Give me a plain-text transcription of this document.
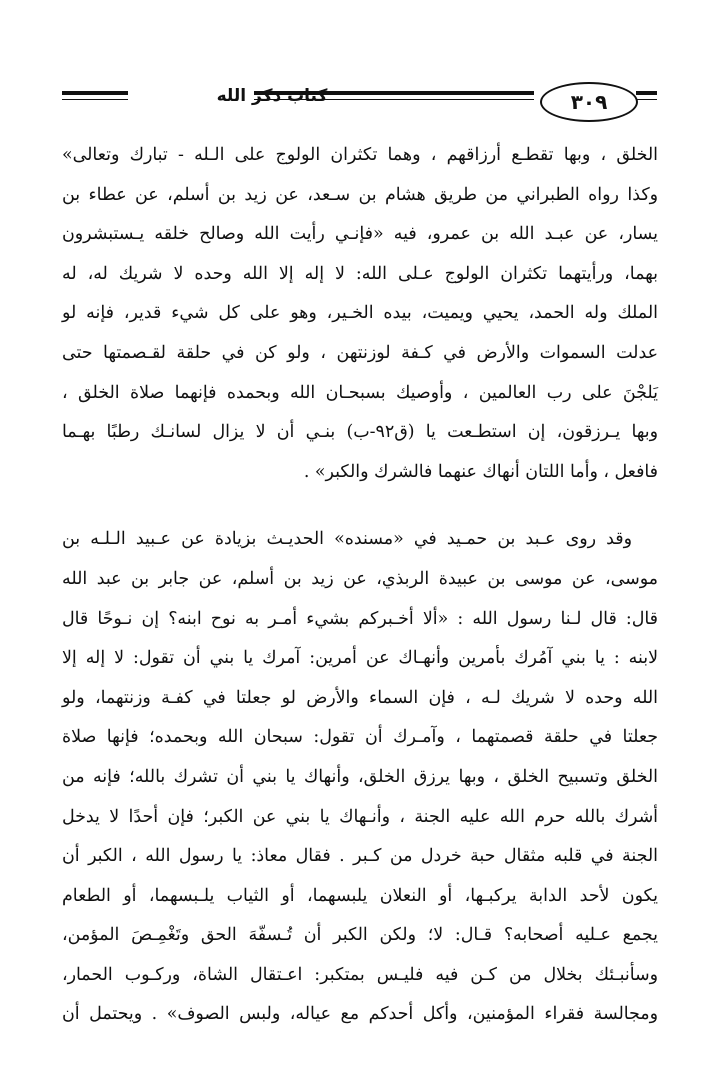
كتاب ذكر الله	٣٠٩
الخلق ، وبها تقطـع أرزاقهم ، وهما تكثران الولوج على الـله - تبارك وتعالى»
وكذا رواه الطبراني من طريق هشام بن سـعد، عن زيد بن أسلم، عن عطاء بن
يسار، عن عبـد الله بن عمرو، فيه «فإنـي رأيت الله وصالح خلقه يـستبشرون
بهما، ورأيتهما تكثران الولوج عـلى الله: لا إله إلا الله وحده لا شريك له، له
الملك وله الحمد، يحيي ويميت، بيده الخـير، وهو على كل شيء قدير، فإنه لو
عدلت السموات والأرض في كـفة لوزنتهن ، ولو كن في حلقة لقـصمتها حتى
يَلجْنَ على رب العالمين ، وأوصيك بسبحـان الله وبحمده فإنهما صلاة الخلق ،
وبها يـرزقون، إن استطـعت يا (ق٩٢-ب) بنـي أن لا يزال لسانـك رطبًا بهـما
فافعل ، وأما اللتان أنهاك عنهما فالشرك والكبر» .
وقد روى عـبد بن حمـيد في «مسنده» الحديـث بزيادة عن عـبيد الـلـه بن
موسى، عن موسى بن عبيدة الربذي، عن زيد بن أسلم، عن جابر بن عبد الله
قال: قال لـنا رسول الله : «ألا أخـبركم بشيء أمـر به نوح ابنه؟ إن نـوحًا قال
لابنه : يا بني آمُرك بأمرين وأنهـاك عن أمرين: آمرك يا بني أن تقول: لا إله إلا
الله وحده لا شريك لـه ، فإن السماء والأرض لو جعلتا في كفـة وزنتهما، ولو
جعلتا في حلقة قصمتهما ، وآمـرك أن تقول: سبحان الله وبحمده؛ فإنها صلاة
الخلق وتسبيح الخلق ، وبها يرزق الخلق، وأنهاك يا بني أن تشرك بالله؛ فإنه من
أشرك بالله حرم الله عليه الجنة ، وأنـهاك يا بني عن الكبر؛ فإن أحدًا لا يدخل
الجنة في قلبه مثقال حبة خردل من كـبر . فقال معاذ: يا رسول الله ، الكبر أن
يكون لأحد الدابة يركبـها، أو النعلان يلبسهما، أو الثياب يلـبسهما، أو الطعام
يجمع عـليه أصحابه؟ قـال: لا؛ ولكن الكبر أن تُـسفّهَ الحق وتَغْمِـصَ المؤمن،
وسأنبـئك بخلال من كـن فيه فليـس بمتكبر: اعـتقال الشاة، وركـوب الحمار،
ومجالسة فقراء المؤمنين، وأكل أحدكم مع عياله، ولبس الصوف» . ويحتمل أن
